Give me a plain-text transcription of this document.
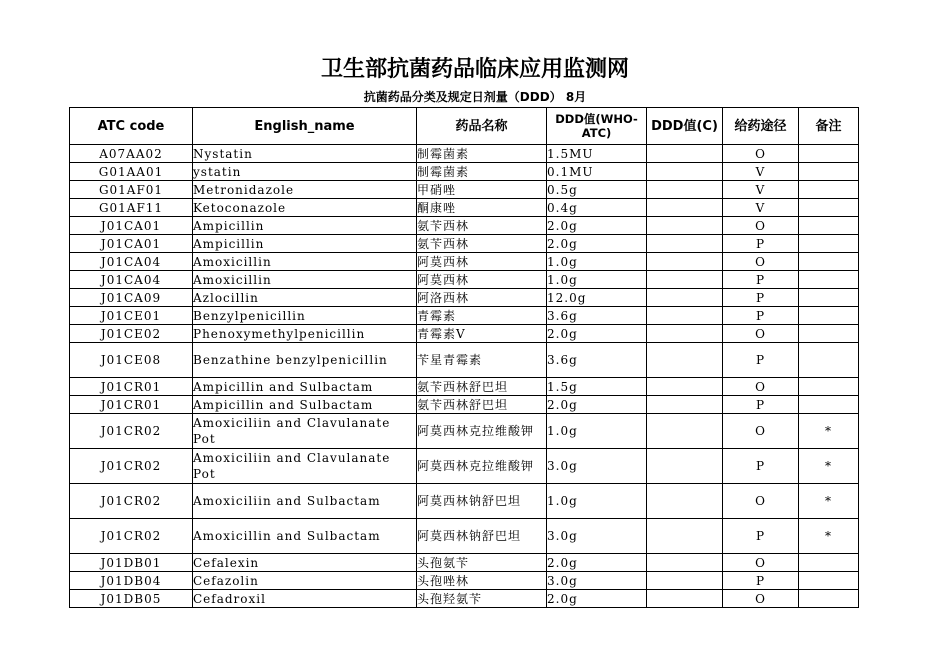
卫生部抗菌药品临床应用监测网
抗菌药品分类及规定日剂量（DDD） 8月
ATC code	English_name	药品名称	DDD值(WHO-ATC)	DDD值(C)	给药途径	备注
A07AA02	Nystatin	制霉菌素	1.5MU		O	
G01AA01	ystatin	制霉菌素	0.1MU		V	
G01AF01	Metronidazole	甲硝唑	0.5g		V	
G01AF11	Ketoconazole	酮康唑	0.4g		V	
J01CA01	Ampicillin	氨苄西林	2.0g		O	
J01CA01	Ampicillin	氨苄西林	2.0g		P	
J01CA04	Amoxicillin	阿莫西林	1.0g		O	
J01CA04	Amoxicillin	阿莫西林	1.0g		P	
J01CA09	Azlocillin	阿洛西林	12.0g		P	
J01CE01	Benzylpenicillin	青霉素	3.6g		P	
J01CE02	Phenoxymethylpenicillin	青霉素V	2.0g		O	
J01CE08	Benzathine benzylpenicillin	苄星青霉素	3.6g		P	
J01CR01	Ampicillin and Sulbactam	氨苄西林舒巴坦	1.5g		O	
J01CR01	Ampicillin and Sulbactam	氨苄西林舒巴坦	2.0g		P	
J01CR02	Amoxiciliin and Clavulanate Pot	阿莫西林克拉维酸钾	1.0g		O	*
J01CR02	Amoxiciliin and Clavulanate Pot	阿莫西林克拉维酸钾	3.0g		P	*
J01CR02	Amoxiciliin and Sulbactam	阿莫西林钠舒巴坦	1.0g		O	*
J01CR02	Amoxicillin and Sulbactam	阿莫西林钠舒巴坦	3.0g		P	*
J01DB01	Cefalexin	头孢氨苄	2.0g		O	
J01DB04	Cefazolin	头孢唑林	3.0g		P	
J01DB05	Cefadroxil	头孢羟氨苄	2.0g		O	
